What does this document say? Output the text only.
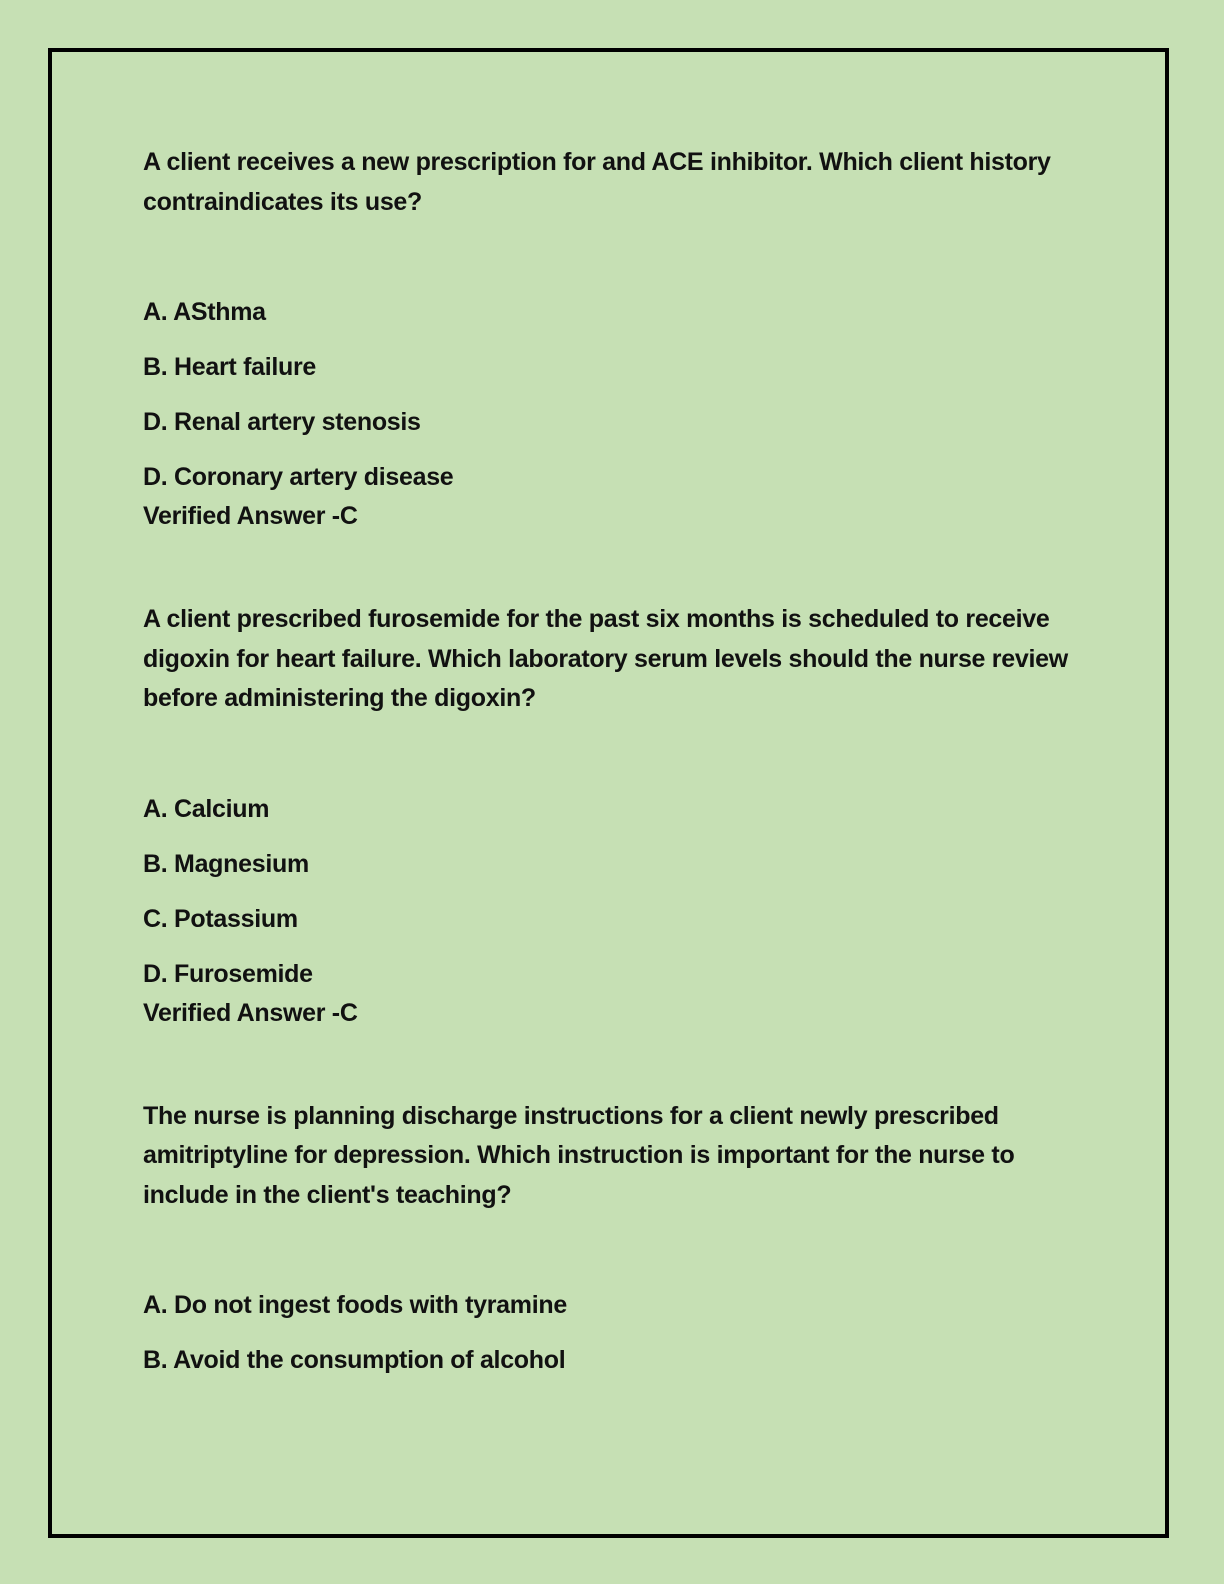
A client receives a new prescription for and ACE inhibitor. Which client history contraindicates its use?

A. ASthma
B. Heart failure
D. Renal artery stenosis
D. Coronary artery disease

Verified Answer -C

A client prescribed furosemide for the past six months is scheduled to receive digoxin for heart failure. Which laboratory serum levels should the nurse review before administering the digoxin?

A. Calcium
B. Magnesium
C. Potassium
D. Furosemide

Verified Answer -C

The nurse is planning discharge instructions for a client newly prescribed amitriptyline for depression. Which instruction is important for the nurse to include in the client's teaching?

A. Do not ingest foods with tyramine
B. Avoid the consumption of alcohol
